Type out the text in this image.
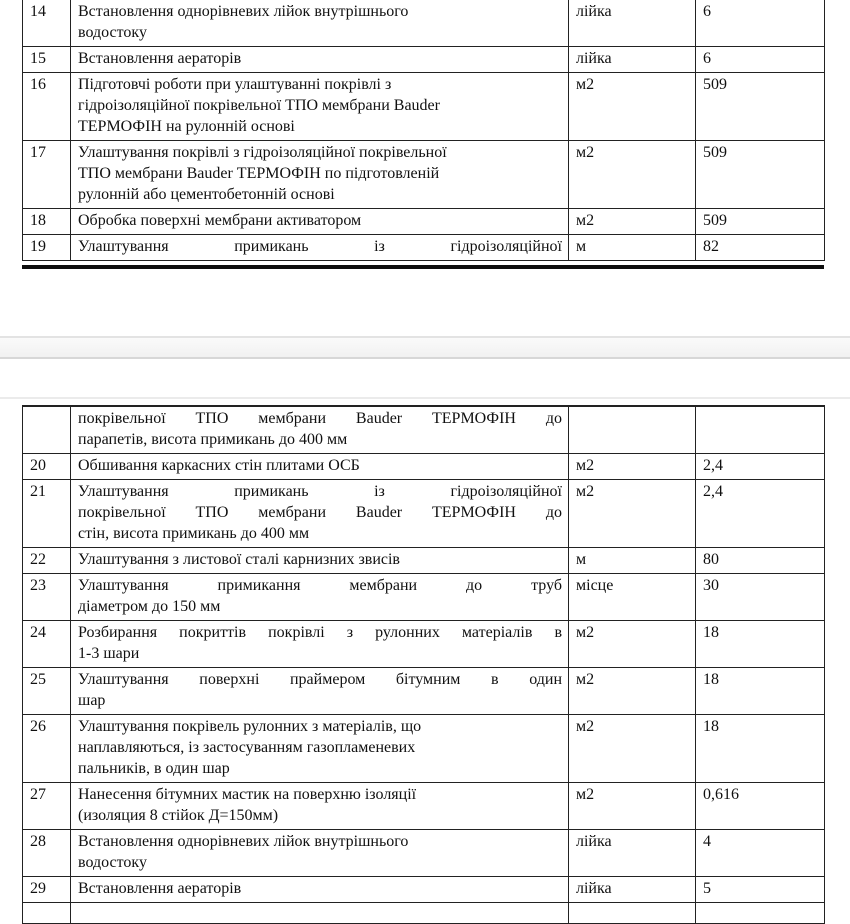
14	Встановлення однорівневих лійок внутрішнього
водостоку	лійка	6
15	Встановлення аераторів	лійка	6
16	Підготовчі роботи при улаштуванні покрівлі з
гідроізоляційної покрівельної ТПО мембрани Bauder
ТЕРМОФІН на рулонній основі	м2	509
17	Улаштування покрівлі з гідроізоляційної покрівельної
ТПО мембрани Bauder ТЕРМОФІН по підготовленій
рулонній або цементобетонній основі	м2	509
18	Обробка поверхні мембрани активатором	м2	509
19	Улаштування примикань із гідроізоляційної	м	82

	покрівельної ТПО мембрани Bauder ТЕРМОФІН до
парапетів, висота примикань до 400 мм		

20	Обшивання каркасних стін плитами ОСБ	м2	2,4
21	Улаштування примикань із гідроізоляційної
покрівельної ТПО мембрани Bauder ТЕРМОФІН до
стін, висота примикань до 400 мм	м2	2,4
22	Улаштування з листової сталі карнизних звисів	м	80
23	Улаштування примикання мембрани до труб
діаметром до 150 мм	місце	30
24	Розбирання покриттів покрівлі з рулонних матеріалів в
1-3 шари	м2	18
25	Улаштування поверхні праймером бітумним в один
шар	м2	18
26	Улаштування покрівель рулонних з матеріалів, що
наплавляються, із застосуванням газопламеневих
пальників, в один шар	м2	18
27	Нанесення бітумних мастик на поверхню ізоляції
(изоляция 8 стійок Д=150мм)	м2	0,616
28	Встановлення однорівневих лійок внутрішнього
водостоку	лійка	4
29	Встановлення аераторів	лійка	5
